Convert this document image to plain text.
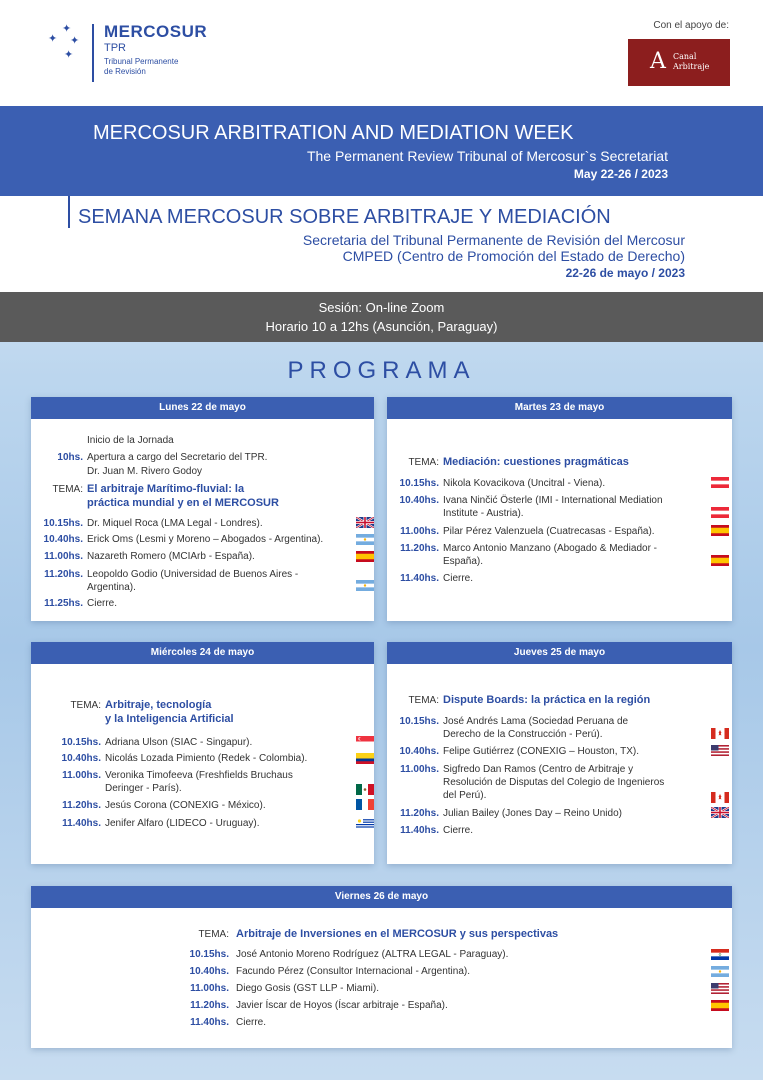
✦
✦ ✦
✦
MERCOSUR
TPR
Tribunal Permanente
de Revisión
Con el apoyo de:
A Canal
Arbitraje
MERCOSUR ARBITRATION AND MEDIATION WEEK
The Permanent Review Tribunal of Mercosur`s Secretariat
May 22-26 / 2023
SEMANA MERCOSUR SOBRE ARBITRAJE Y MEDIACIÓN
Secretaria del Tribunal Permanente de Revisión del Mercosur
CMPED (Centro de Promoción del Estado de Derecho)
22-26 de mayo / 2023
Sesión: On-line Zoom
Horario 10 a 12hs (Asunción, Paraguay)
PROGRAMA
Lunes 22 de mayo
Inicio de la Jornada
10hs. Apertura a cargo del Secretario del TPR.
Dr. Juan M. Rivero Godoy
TEMA: El arbitraje Marítimo-fluvial: la
práctica mundial y en el MERCOSUR
10.15hs. Dr. Miquel Roca (LMA Legal - Londres).
10.40hs. Erick Oms (Lesmi y Moreno – Abogados - Argentina).
11.00hs. Nazareth Romero (MCIArb - España).
11.20hs. Leopoldo Godio (Universidad de Buenos Aires -
Argentina).
11.25hs. Cierre.
Martes 23 de mayo
TEMA: Mediación: cuestiones pragmáticas
10.15hs. Nikola Kovacikova (Uncitral - Viena).
10.40hs. Ivana Ninčić Österle (IMI - International Mediation
Institute - Austria).
11.00hs. Pilar Pérez Valenzuela (Cuatrecasas - España).
11.20hs. Marco Antonio Manzano (Abogado & Mediador -
España).
11.40hs. Cierre.
Miércoles 24 de mayo
TEMA: Arbitraje, tecnología
y la Inteligencia Artificial
10.15hs. Adriana Ulson (SIAC - Singapur).
10.40hs. Nicolás Lozada Pimiento (Redek - Colombia).
11.00hs. Veronika Timofeeva (Freshfields Bruchaus
Deringer - París).
11.20hs. Jesús Corona (CONEXIG - México).
11.40hs. Jenifer Alfaro (LIDECO - Uruguay).
Jueves 25 de mayo
TEMA: Dispute Boards: la práctica en la región
10.15hs. José Andrés Lama (Sociedad Peruana de
Derecho de la Construcción - Perú).
10.40hs. Felipe Gutiérrez (CONEXIG – Houston, TX).
11.00hs. Sigfredo Dan Ramos (Centro de Arbitraje y
Resolución de Disputas del Colegio de Ingenieros
del Perú).
11.20hs. Julian Bailey (Jones Day – Reino Unido)
11.40hs. Cierre.
Viernes 26 de mayo
TEMA: Arbitraje de Inversiones en el MERCOSUR y sus perspectivas
10.15hs. José Antonio Moreno Rodríguez (ALTRA LEGAL - Paraguay).
10.40hs. Facundo Pérez (Consultor Internacional - Argentina).
11.00hs. Diego Gosis (GST LLP - Miami).
11.20hs. Javier Íscar de Hoyos (Íscar arbitraje - España).
11.40hs. Cierre.
